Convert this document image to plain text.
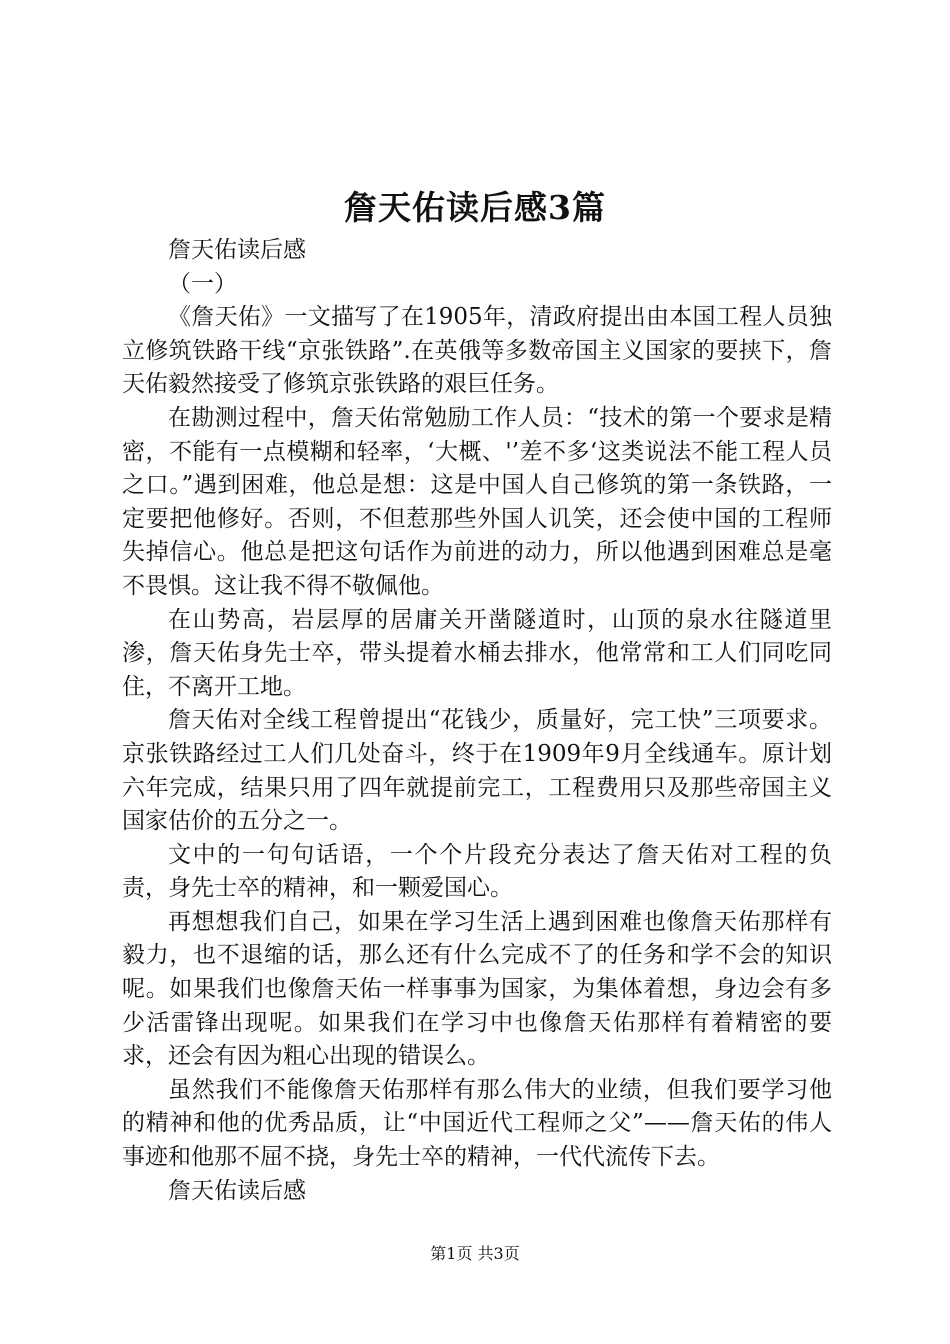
詹天佑读后感3篇

詹天佑读后感

（一）

《詹天佑》一文描写了在1905年，清政府提出由本国工程人员独立修筑铁路干线“京张铁路”.在英俄等多数帝国主义国家的要挟下，詹天佑毅然接受了修筑京张铁路的艰巨任务。

在勘测过程中，詹天佑常勉励工作人员：“技术的第一个要求是精密，不能有一点模糊和轻率，‘大概、'’差不多‘这类说法不能工程人员之口。”遇到困难，他总是想：这是中国人自己修筑的第一条铁路，一定要把他修好。否则，不但惹那些外国人讥笑，还会使中国的工程师失掉信心。他总是把这句话作为前进的动力，所以他遇到困难总是毫不畏惧。这让我不得不敬佩他。

在山势高，岩层厚的居庸关开凿隧道时，山顶的泉水往隧道里渗，詹天佑身先士卒，带头提着水桶去排水，他常常和工人们同吃同住，不离开工地。

詹天佑对全线工程曾提出“花钱少，质量好，完工快”三项要求。京张铁路经过工人们几处奋斗，终于在1909年9月全线通车。原计划六年完成，结果只用了四年就提前完工，工程费用只及那些帝国主义国家估价的五分之一。

文中的一句句话语，一个个片段充分表达了詹天佑对工程的负责，身先士卒的精神，和一颗爱国心。

再想想我们自己，如果在学习生活上遇到困难也像詹天佑那样有毅力，也不退缩的话，那么还有什么完成不了的任务和学不会的知识呢。如果我们也像詹天佑一样事事为国家，为集体着想，身边会有多少活雷锋出现呢。如果我们在学习中也像詹天佑那样有着精密的要求，还会有因为粗心出现的错误么。

虽然我们不能像詹天佑那样有那么伟大的业绩，但我们要学习他的精神和他的优秀品质，让“中国近代工程师之父”——詹天佑的伟人事迹和他那不屈不挠，身先士卒的精神，一代代流传下去。

詹天佑读后感

第1页 共3页
